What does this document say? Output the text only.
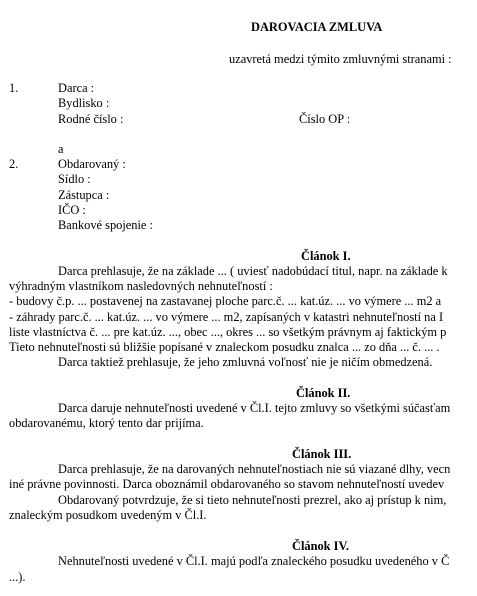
DAROVACIA ZMLUVA
uzavretá medzi týmito zmluvnými stranami :
1.	Darca :
Bydlisko :
Rodné číslo :	Číslo OP :
a
2.	Obdarovaný :
Sídlo :
Zástupca :
IČO :
Bankové spojenie :
Článok I.
Darca prehlasuje, že na základe ... ( uviesť nadobúdací titul, napr. na základe k
výhradným vlastníkom nasledovných nehnuteľností :
- budovy č.p. ... postavenej na zastavanej ploche parc.č. ... kat.úz. ... vo výmere ... m2 a
- záhrady parc.č. ... kat.úz. ... vo výmere ... m2, zapísaných v katastri nehnuteľností na I
liste vlastníctva č. ... pre kat.úz. ..., obec ..., okres ... so všetkým právnym aj faktickým p
Tieto nehnuteľnosti sú bližšie popísané v znaleckom posudku znalca ... zo dňa ... č. ... .
Darca taktiež prehlasuje, že jeho zmluvná voľnosť nie je ničím obmedzená.
Článok II.
Darca daruje nehnuteľnosti uvedené v Čl.I. tejto zmluvy so všetkými súčasťam
obdarovanému, ktorý tento dar prijíma.
Článok III.
Darca prehlasuje, že na darovaných nehnuteľnostiach nie sú viazané dlhy, vecn
iné právne povinnosti. Darca oboznámil obdarovaného so stavom nehnuteľností uvedev
Obdarovaný potvrdzuje, že si tieto nehnuteľnosti prezrel, ako aj prístup k nim,
znaleckým posudkom uvedeným v Čl.I.
Článok IV.
Nehnuteľnosti uvedené v Čl.I. majú podľa znaleckého posudku uvedeného v Č
...).
